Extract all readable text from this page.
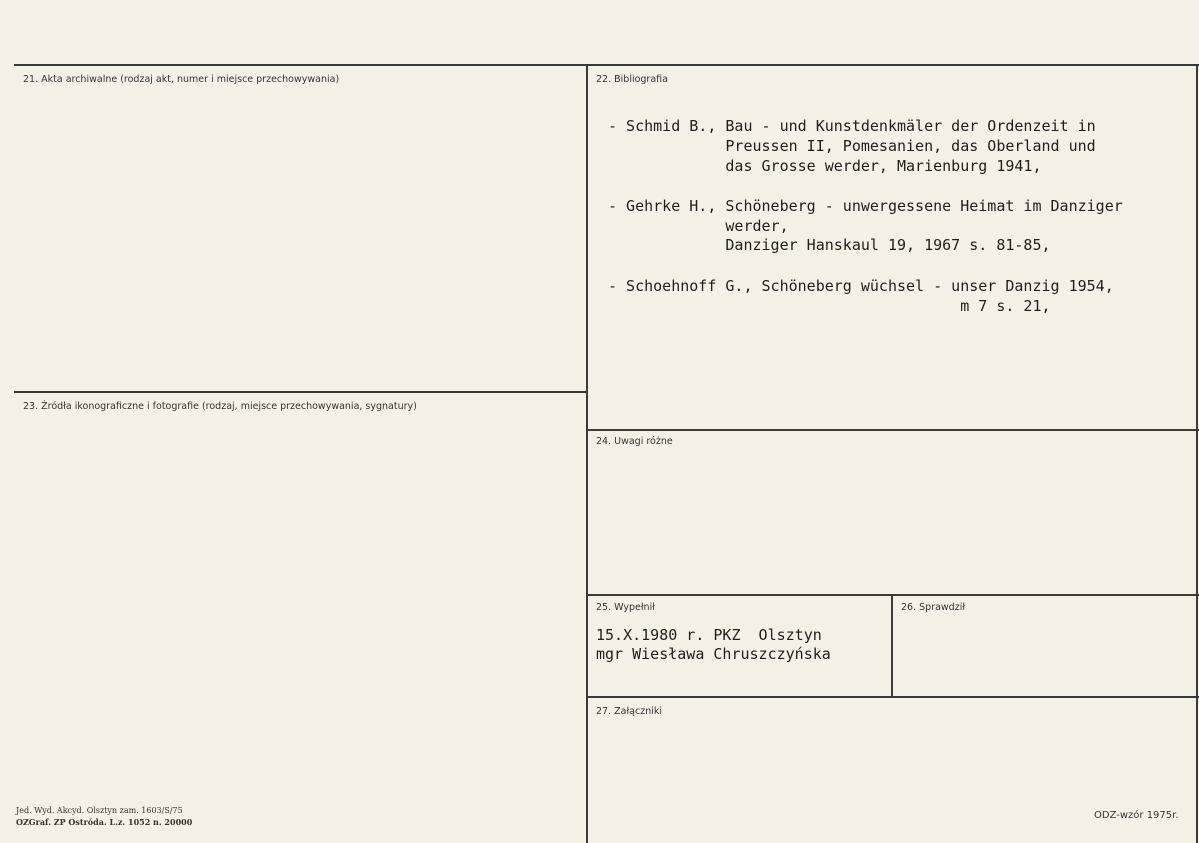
21. Akta archiwalne (rodzaj akt, numer i miejsce przechowywania)	22. Bibliografia
- Schmid B., Bau - und Kunstdenkmäler der Ordenzeit in
Preussen II, Pomesanien, das Oberland und
das Grosse werder, Marienburg 1941,
- Gehrke H., Schöneberg - unwergessene Heimat im Danziger
werder,
Danziger Hanskaul 19, 1967 s. 81-85,
- Schoehnoff G., Schöneberg wüchsel - unser Danzig 1954,
m 7 s. 21,
23. Źródła ikonograficzne i fotografie (rodzaj, miejsce przechowywania, sygnatury)
24. Uwagi różne
25. Wypełnił
15.X.1980 r. PKZ  Olsztyn
mgr Wiesława Chruszczyńska
26. Sprawdził
27. Załączniki
Jed. Wyd. Akcyd. Olsztyn zam. 1603/S/75
OZGraf. ZP Ostróda. L.z. 1052 n. 20000
ODZ-wzór 1975r.
